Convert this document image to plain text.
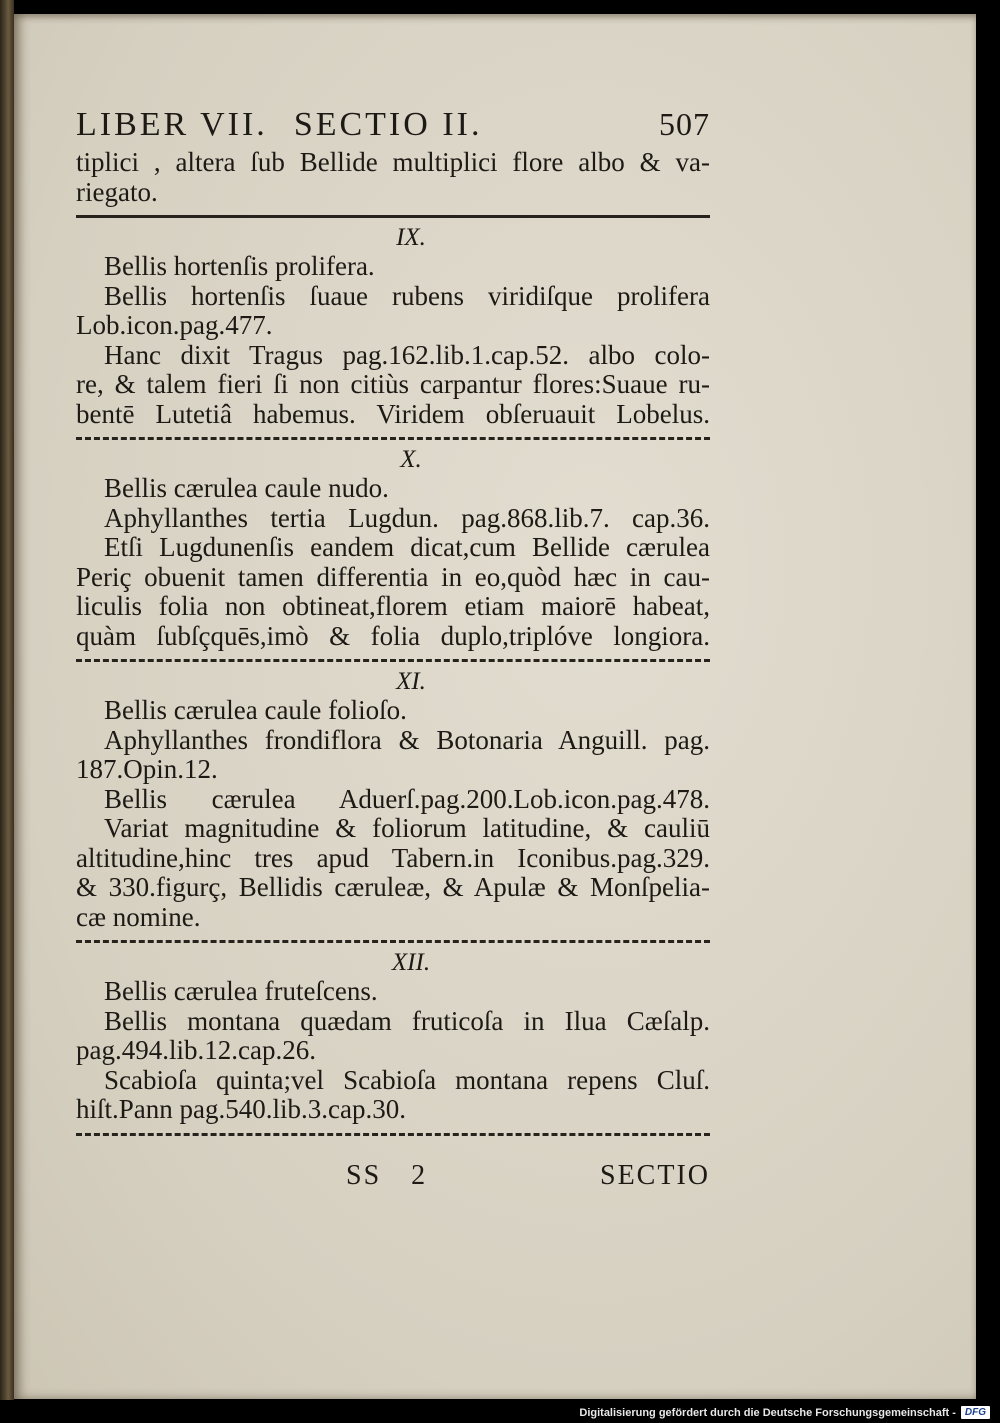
LIBER VII. SECTIO II.	507
tiplici , altera ſub Bellide multiplici flore albo & va-
riegato.
IX.
Bellis hortenſis prolifera.
Bellis hortenſis ſuaue rubens viridiſque prolifera
Lob.icon.pag.477.
Hanc dixit Tragus pag.162.lib.1.cap.52. albo colo-
re, & talem fieri ſi non citiùs carpantur flores:Suaue ru-
bentē Lutetiâ habemus. Viridem obſeruauit Lobelus.
X.
Bellis cærulea caule nudo.
Aphyllanthes tertia Lugdun. pag.868.lib.7. cap.36.
Etſi Lugdunenſis eandem dicat,cum Bellide cærulea
Periç obuenit tamen differentia in eo,quòd hæc in cau-
liculis folia non obtineat,florem etiam maiorē habeat,
quàm ſubſçquēs,imò & folia duplo,triplóve longiora.
XI.
Bellis cærulea caule folioſo.
Aphyllanthes frondiflora & Botonaria Anguill. pag.
187.Opin.12.
Bellis cærulea Aduerſ.pag.200.Lob.icon.pag.478.
Variat magnitudine & foliorum latitudine, & cauliū
altitudine,hinc tres apud Tabern.in Iconibus.pag.329.
& 330.figurç, Bellidis cæruleæ, & Apulæ & Monſpelia-
cæ nomine.
XII.
Bellis cærulea fruteſcens.
Bellis montana quædam fruticoſa in Ilua Cæſalp.
pag.494.lib.12.cap.26.
Scabioſa quinta;vel Scabioſa montana repens Cluſ.
hiſt.Pann pag.540.lib.3.cap.30.
SS 2	SECTIO
Digitalisierung gefördert durch die Deutsche Forschungsgemeinschaft - DFG
